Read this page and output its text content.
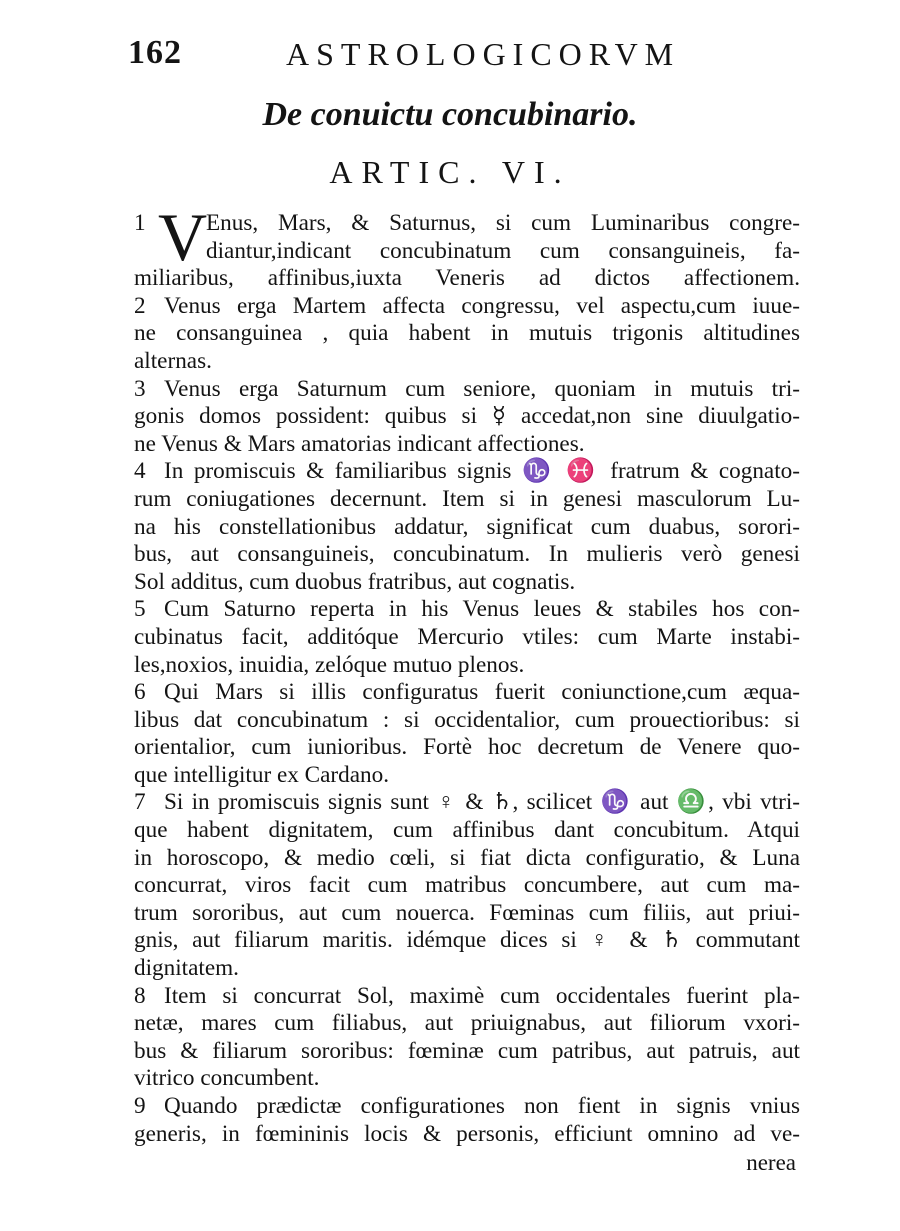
162	ASTROLOGICORVM
De conuictu concubinario.
ARTIC. VI.
V
1	Enus, Mars, & Saturnus, si cum Luminaribus congre-
diantur,indicant concubinatum cum consanguineis, fa-
miliaribus, affinibus,iuxta Veneris ad dictos affectionem.
2 Venus erga Martem affecta congressu, vel aspectu,cum iuue-
ne consanguinea , quia habent in mutuis trigonis altitudines
alternas.
3 Venus erga Saturnum cum seniore, quoniam in mutuis tri-
gonis domos possident: quibus si ☿ accedat,non sine diuulgatio-
ne Venus & Mars amatorias indicant affectiones.
4 In promiscuis & familiaribus signis ♑ ♓ fratrum & cognato-
rum coniugationes decernunt. Item si in genesi masculorum Lu-
na his constellationibus addatur, significat cum duabus, sorori-
bus, aut consanguineis, concubinatum. In mulieris verò genesi
Sol additus, cum duobus fratribus, aut cognatis.
5 Cum Saturno reperta in his Venus leues & stabiles hos con-
cubinatus facit, additóque Mercurio vtiles: cum Marte instabi-
les,noxios, inuidia, zelóque mutuo plenos.
6 Qui Mars si illis configuratus fuerit coniunctione,cum æqua-
libus dat concubinatum : si occidentalior, cum prouectioribus: si
orientalior, cum iunioribus. Fortè hoc decretum de Venere quo-
que intelligitur ex Cardano.
7 Si in promiscuis signis sunt ♀ & ♄, scilicet ♑ aut ♎, vbi vtri-
que habent dignitatem, cum affinibus dant concubitum. Atqui
in horoscopo, & medio cœli, si fiat dicta configuratio, & Luna
concurrat, viros facit cum matribus concumbere, aut cum ma-
trum sororibus, aut cum nouerca. Fœminas cum filiis, aut priui-
gnis, aut filiarum maritis. idémque dices si ♀ & ♄ commutant
dignitatem.
8 Item si concurrat Sol, maximè cum occidentales fuerint pla-
netæ, mares cum filiabus, aut priuignabus, aut filiorum vxori-
bus & filiarum sororibus: fœminæ cum patribus, aut patruis, aut
vitrico concumbent.
9 Quando prædictæ configurationes non fient in signis vnius
generis, in fœmininis locis & personis, efficiunt omnino ad ve-
nerea
